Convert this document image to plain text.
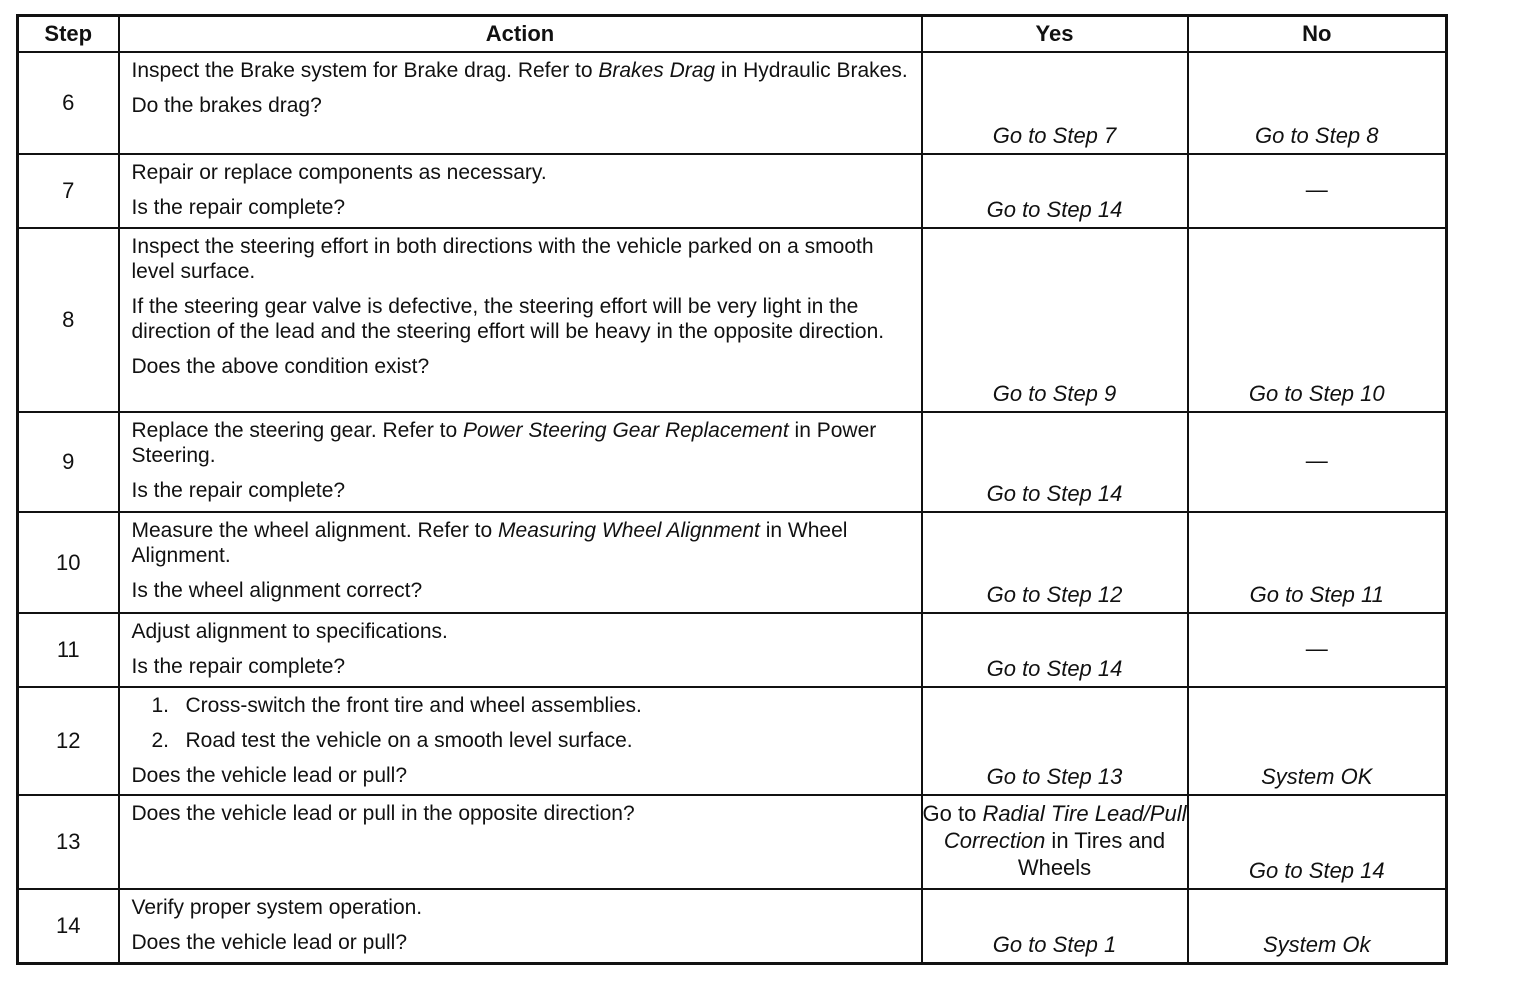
Step	Action	Yes	No
6	Inspect the Brake system for Brake drag. Refer to Brakes Drag in Hydraulic Brakes.

Do the brakes drag?	Go to Step 7	Go to Step 8
7	Repair or replace components as necessary.

Is the repair complete?	Go to Step 14	—
8	Inspect the steering effort in both directions with the vehicle parked on a smooth level surface.

If the steering gear valve is defective, the steering effort will be very light in the direction of the lead and the steering effort will be heavy in the opposite direction.

Does the above condition exist?	Go to Step 9	Go to Step 10
9	Replace the steering gear. Refer to Power Steering Gear Replacement in Power Steering.

Is the repair complete?	Go to Step 14	—
10	Measure the wheel alignment. Refer to Measuring Wheel Alignment in Wheel Alignment.

Is the wheel alignment correct?	Go to Step 12	Go to Step 11
11	Adjust alignment to specifications.

Is the repair complete?	Go to Step 14	—
12	1. Cross-switch the front tire and wheel assemblies.
2. Road test the vehicle on a smooth level surface.

Does the vehicle lead or pull?	Go to Step 13	System OK
13	Does the vehicle lead or pull in the opposite direction?	Go to Radial Tire Lead/Pull Correction in Tires and Wheels	Go to Step 14
14	Verify proper system operation.

Does the vehicle lead or pull?	Go to Step 1	System Ok
